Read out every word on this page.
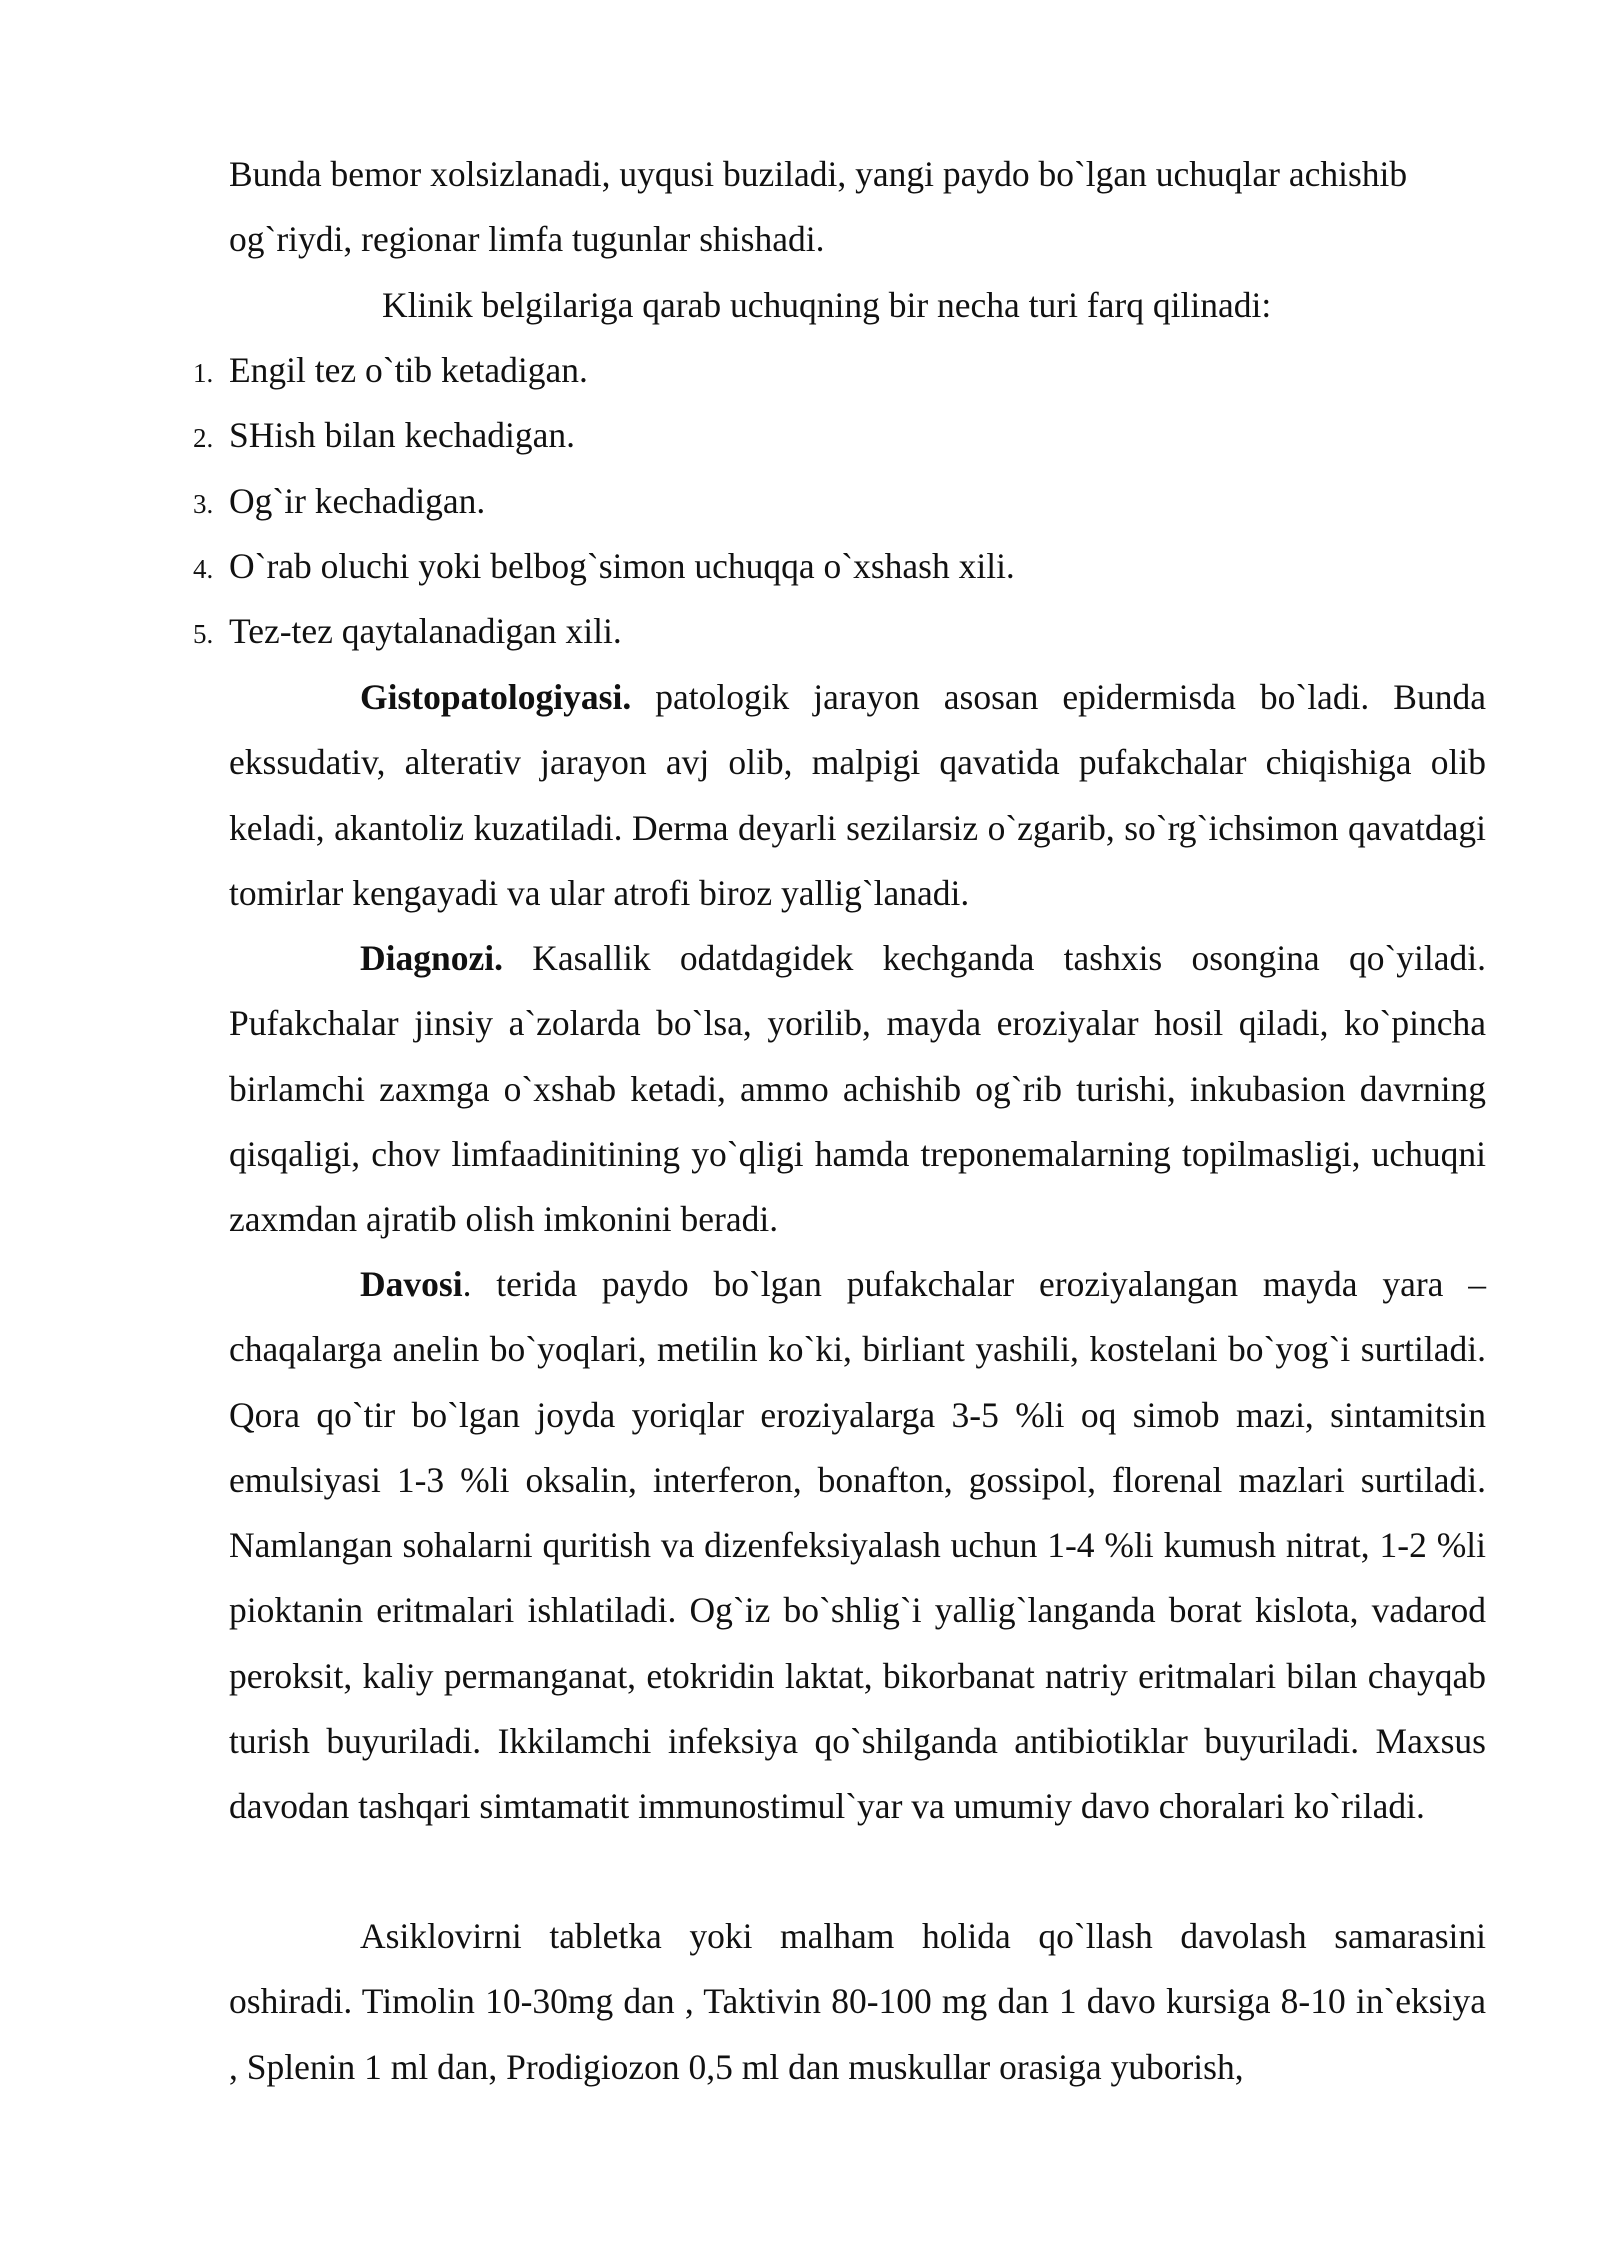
Bunda bemor xolsizlanadi, uyqusi buziladi, yangi paydo bo`lgan uchuqlar achishib og`riydi, regionar limfa tugunlar shishadi.

Klinik belgilariga qarab uchuqning bir necha turi farq qilinadi:

1. Engil tez o`tib ketadigan.
2. SHish bilan kechadigan.
3. Og`ir kechadigan.
4. O`rab oluchi yoki belbog`simon uchuqqa o`xshash xili.
5. Tez-tez qaytalanadigan xili.

Gistopatologiyasi. patologik jarayon asosan epidermisda bo`ladi. Bunda ekssudativ, alterativ jarayon avj olib, malpigi qavatida pufakchalar chiqishiga olib keladi, akantoliz kuzatiladi. Derma deyarli sezilarsiz o`zgarib, so`rg`ichsimon qavatdagi tomirlar kengayadi va ular atrofi biroz yallig`lanadi.

Diagnozi. Kasallik odatdagidek kechganda tashxis osongina qo`yiladi. Pufakchalar jinsiy a`zolarda bo`lsa, yorilib, mayda eroziyalar hosil qiladi, ko`pincha birlamchi zaxmga o`xshab ketadi, ammo achishib og`rib turishi, inkubasion davrning qisqaligi, chov limfaadinitining yo`qligi hamda treponemalarning topilmasligi, uchuqni zaxmdan ajratib olish imkonini beradi.

Davosi. terida paydo bo`lgan pufakchalar eroziyalangan mayda yara – chaqalarga anelin bo`yoqlari, metilin ko`ki, birliant yashili, kostelani bo`yog`i surtiladi. Qora qo`tir bo`lgan joyda yoriqlar eroziyalarga 3-5 %li oq simob mazi, sintamitsin emulsiyasi 1-3 %li oksalin, interferon, bonafton, gossipol, florenal mazlari surtiladi. Namlangan sohalarni quritish va dizenfeksiyalash uchun 1-4 %li kumush nitrat, 1-2 %li pioktanin eritmalari ishlatiladi. Og`iz bo`shlig`i yallig`langanda borat kislota, vadarod peroksit, kaliy permanganat, etokridin laktat, bikorbanat natriy eritmalari bilan chayqab turish buyuriladi. Ikkilamchi infeksiya qo`shilganda antibiotiklar buyuriladi. Maxsus davodan tashqari simtamatit immunostimul`yar va umumiy davo choralari ko`riladi.

Asiklovirni tabletka yoki malham holida qo`llash davolash samarasini oshiradi. Timolin 10-30mg dan , Taktivin 80-100 mg dan 1 davo kursiga 8-10 in`eksiya , Splenin 1 ml dan, Prodigiozon 0,5 ml dan muskullar orasiga yuborish,
